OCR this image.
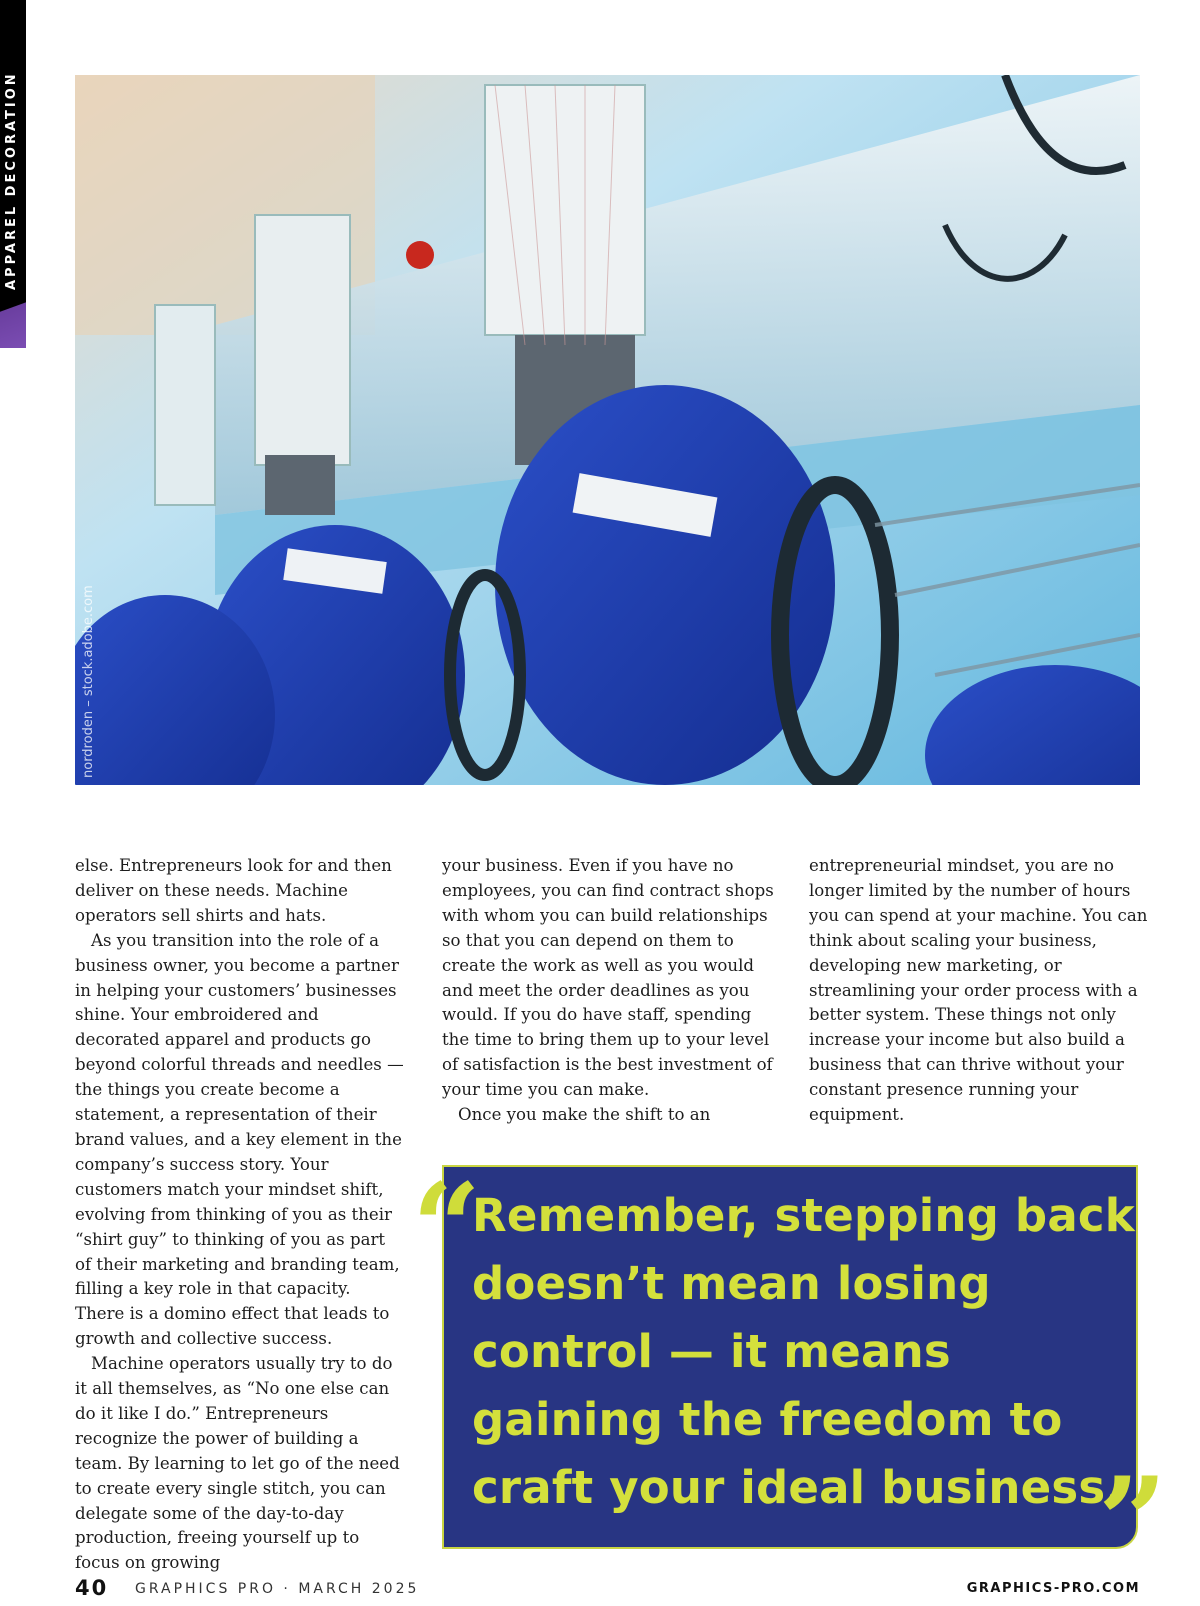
APPAREL DECORATION
nordroden – stock.adobe.com

else. Entrepreneurs look for and then deliver on these needs. Machine operators sell shirts and hats.

As you transition into the role of a business owner, you become a partner in helping your customers’ businesses shine. Your embroidered and decorated apparel and products go beyond colorful threads and needles — the things you create become a statement, a representation of their brand values, and a key element in the company’s success story. Your customers match your mindset shift, evolving from thinking of you as their “shirt guy” to thinking of you as part of their marketing and branding team, filling a key role in that capacity. There is a domino effect that leads to growth and collective success.

Machine operators usually try to do it all themselves, as “No one else can do it like I do.” Entrepreneurs recognize the power of building a team. By learning to let go of the need to create every single stitch, you can delegate some of the day-to-day production, freeing yourself up to focus on growing

your business. Even if you have no employees, you can find contract shops with whom you can build relationships so that you can depend on them to create the work as well as you would and meet the order deadlines as you would. If you do have staff, spending the time to bring them up to your level of satisfaction is the best investment of your time you can make.

Once you make the shift to an

entrepreneurial mindset, you are no longer limited by the number of hours you can spend at your machine. You can think about scaling your business, developing new marketing, or streamlining your order process with a better system. These things not only increase your income but also build a business that can thrive without your constant presence running your equipment.

“
Remember, stepping back doesn’t mean losing control — it means gaining the freedom to craft your ideal business.
”
40 GRAPHICS PRO · MARCH 2025	GRAPHICS-PRO.COM
